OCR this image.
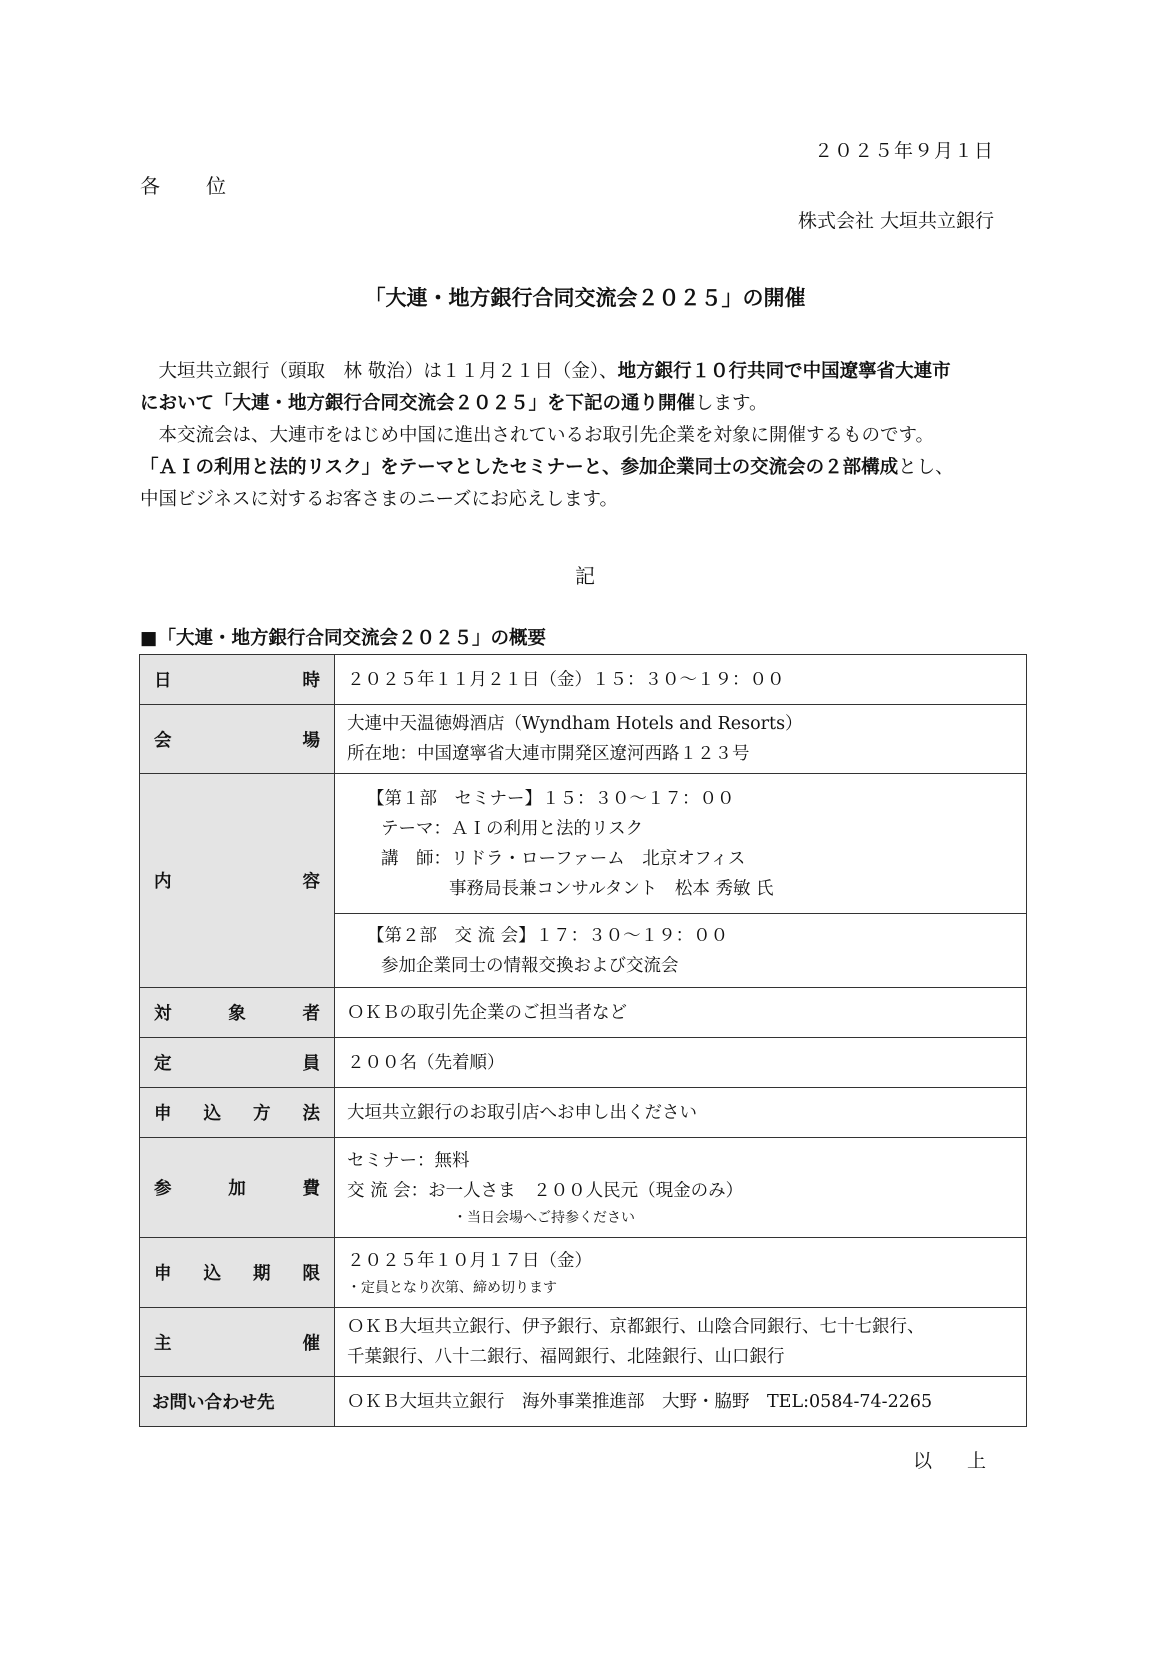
２０２５年９月１日
各　　位
株式会社 大垣共立銀行
「大連・地方銀行合同交流会２０２５」の開催

　大垣共立銀行（頭取　林 敬治）は１１月２１日（金）、地方銀行１０行共同で中国遼寧省大連市

において「大連・地方銀行合同交流会２０２５」を下記の通り開催します。

　本交流会は、大連市をはじめ中国に進出されているお取引先企業を対象に開催するものです。

「ＡＩの利用と法的リスク」をテーマとしたセミナーと、参加企業同士の交流会の２部構成とし、

中国ビジネスに対するお客さまのニーズにお応えします。

記
■「大連・地方銀行合同交流会２０２５」の概要
日時	２０２５年１１月２１日（金）１５：３０～１９：００
会場	大連中天温徳姆酒店（Wyndham Hotels and Resorts）
所在地：中国遼寧省大連市開発区遼河西路１２３号

内容	【第１部　セミナー】１５：３０～１７：００
テーマ：ＡＩの利用と法的リスク
講　師：リドラ・ローファーム　北京オフィス
事務局長兼コンサルタント　松本 秀敏 氏

	【第２部　交 流 会】１７：３０～１９：００
参加企業同士の情報交換および交流会

対象者	ＯＫＢの取引先企業のご担当者など
定員	２００名（先着順）
申込方法	大垣共立銀行のお取引店へお申し出ください
参加費	セミナー：無料
交 流 会：お一人さま　２００人民元（現金のみ）
・当日会場へご持参ください

申込期限	２０２５年１０月１７日（金）
・定員となり次第、締め切ります

主催	ＯＫＢ大垣共立銀行、伊予銀行、京都銀行、山陰合同銀行、七十七銀行、
千葉銀行、八十二銀行、福岡銀行、北陸銀行、山口銀行

お問い合わせ先	ＯＫＢ大垣共立銀行　海外事業推進部　大野・脇野　TEL:0584-74-2265
以　上
